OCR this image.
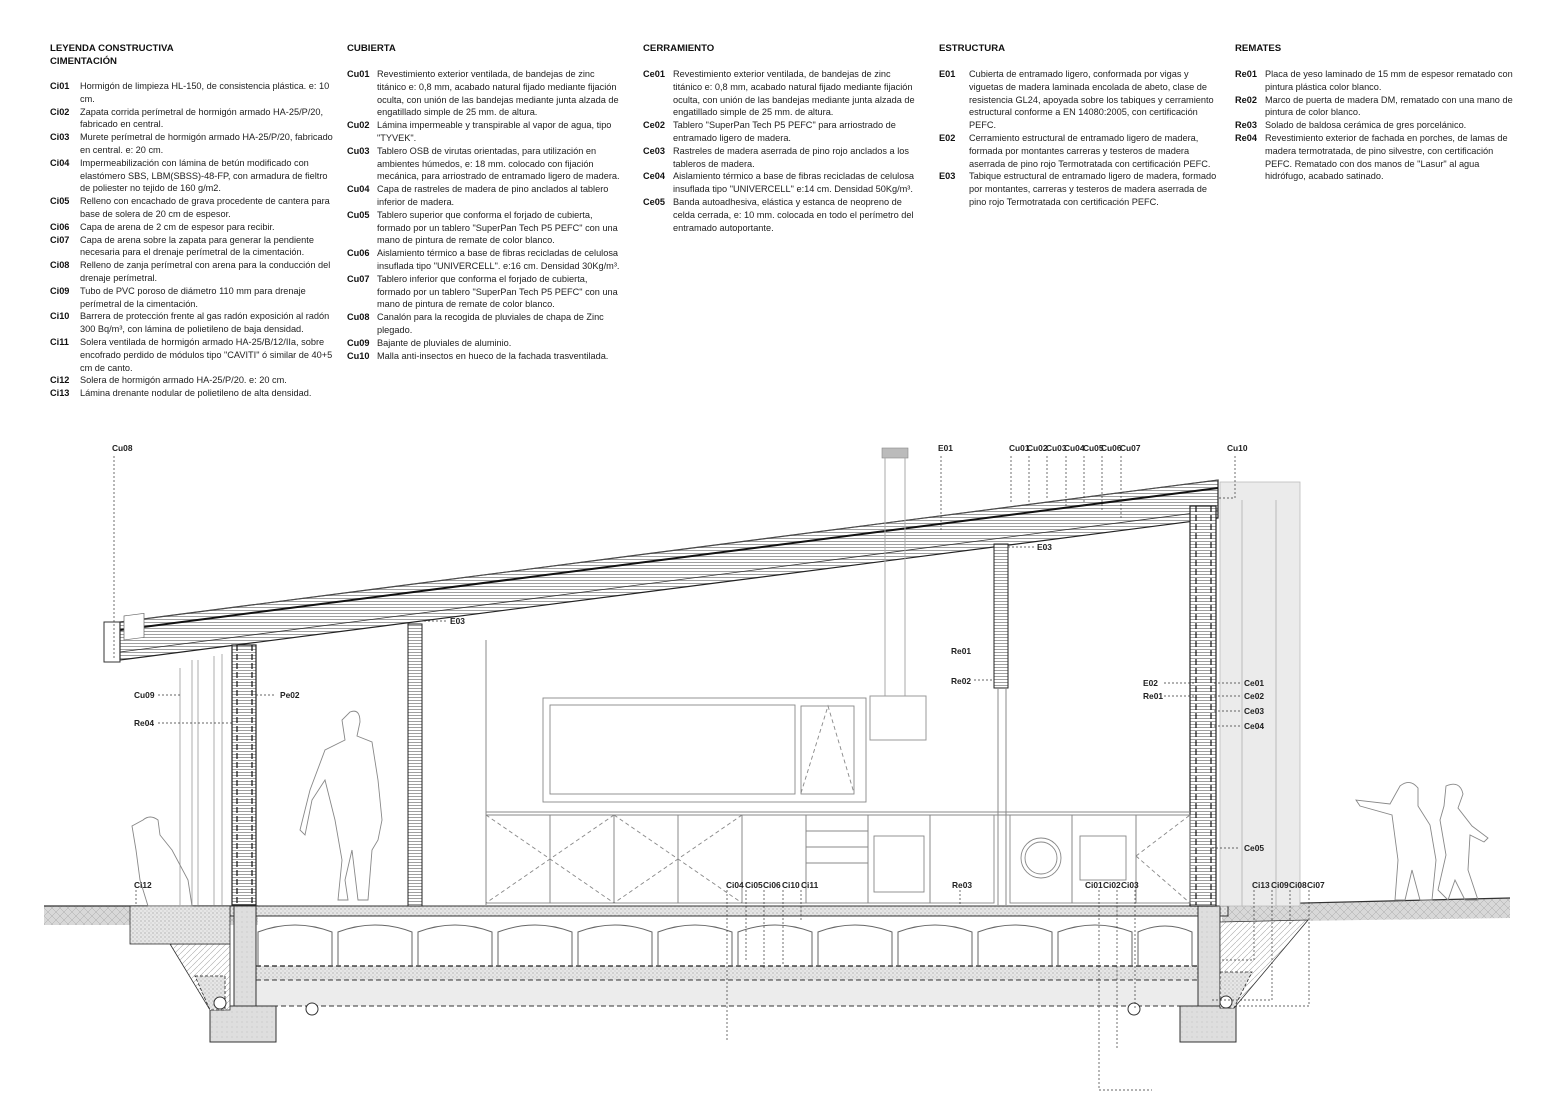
LEYENDA CONSTRUCTIVA
CIMENTACIÓN
Ci01	Hormigón de limpieza HL-150, de consistencia plástica. e: 10 cm.
Ci02	Zapata corrida perímetral de hormigón armado HA-25/P/20, fabricado en central.
Ci03	Murete perímetral de hormigón armado HA-25/P/20, fabricado en central. e: 20 cm.
Ci04	Impermeabilización con lámina de betún modificado con elastómero SBS, LBM(SBSS)-48-FP, con armadura de fieltro de poliester no tejido de 160 g/m2.
Ci05	Relleno con encachado de grava procedente de cantera para base de solera de 20 cm de espesor.
Ci06	Capa de arena de 2 cm de espesor para recibir.
Ci07	Capa de arena sobre la zapata para generar la pendiente necesaria para el drenaje perímetral de la cimentación.
Ci08	Relleno de zanja perímetral con arena para la conducción del drenaje perímetral.
Ci09	Tubo de PVC poroso de diámetro 110 mm para drenaje perímetral de la cimentación.
Ci10	Barrera de protección frente al gas radón exposición al radón 300 Bq/m³, con lámina de polietileno de baja densidad.
Ci11	Solera ventilada de hormigón armado HA-25/B/12/IIa, sobre encofrado perdido de módulos tipo "CAVITI" ó similar de 40+5 cm de canto.
Ci12	Solera de hormigón armado HA-25/P/20. e: 20 cm.
Ci13	Lámina drenante nodular de polietileno de alta densidad.
CUBIERTA
Cu01 Revestimiento exterior ventilada, de bandejas de zinc titánico e: 0,8 mm, acabado natural fijado mediante fijación oculta, con unión de las bandejas mediante junta alzada de engatillado simple de 25 mm. de altura.
Cu02 Lámina impermeable y transpirable al vapor de agua, tipo "TYVEK".
Cu03 Tablero OSB de virutas orientadas, para utilización en ambientes húmedos, e: 18 mm. colocado con fijación mecánica, para arriostrado de entramado ligero de madera.
Cu04 Capa de rastreles de madera de pino anclados al tablero inferior de madera.
Cu05 Tablero superior que conforma el forjado de cubierta, formado por un tablero "SuperPan Tech P5 PEFC" con una mano de pintura de remate de color blanco.
Cu06 Aislamiento térmico a base de fibras recicladas de celulosa insuflada tipo "UNIVERCELL". e:16 cm. Densidad 30Kg/m³.
Cu07 Tablero inferior que conforma el forjado de cubierta, formado por un tablero "SuperPan Tech P5 PEFC" con una mano de pintura de remate de color blanco.
Cu08 Canalón para la recogida de pluviales de chapa de Zinc plegado.
Cu09 Bajante de pluviales de aluminio.
Cu10 Malla anti-insectos en hueco de la fachada trasventilada.
CERRAMIENTO
Ce01 Revestimiento exterior ventilada, de bandejas de zinc titánico e: 0,8 mm, acabado natural fijado mediante fijación oculta, con unión de las bandejas mediante junta alzada de engatillado simple de 25 mm. de altura.
Ce02 Tablero "SuperPan Tech P5 PEFC" para arriostrado de entramado ligero de madera.
Ce03 Rastreles de madera aserrada de pino rojo anclados a los tableros de madera.
Ce04 Aislamiento térmico a base de fibras recicladas de celulosa insuflada tipo "UNIVERCELL" e:14 cm. Densidad 50Kg/m³.
Ce05 Banda autoadhesiva, elástica y estanca de neopreno de celda cerrada, e: 10 mm. colocada en todo el perímetro del entramado autoportante.
ESTRUCTURA
E01	Cubierta de entramado ligero, conformada por vigas y viguetas de madera laminada encolada de abeto, clase de resistencia GL24, apoyada sobre los tabiques y cerramiento estructural conforme a EN 14080:2005, con certificación PEFC.
E02	Cerramiento estructural de entramado ligero de madera, formada por montantes carreras y testeros de madera aserrada de pino rojo Termotratada con certificación PEFC.
E03	Tabique estructural de entramado ligero de madera, formado por montantes, carreras y testeros de madera aserrada de pino rojo Termotratada con certificación PEFC.
REMATES
Re01 Placa de yeso laminado de 15 mm de espesor rematado con pintura plástica color blanco.
Re02 Marco de puerta de madera DM, rematado con una mano de pintura de color blanco.
Re03 Solado de baldosa cerámica de gres porcelánico.
Re04 Revestimiento exterior de fachada en porches, de lamas de madera termotratada, de pino silvestre, con certificación PEFC. Rematado con dos manos de "Lasur" al agua hidrófugo, acabado satinado.
Cu08	E01	Cu01
Cu02
Cu03
Cu04
Cu05
Cu06
Cu07	Cu10
E03
E03
Cu09	Pe02
Re04
Re01
Re02	E02
Re01
Ce01
Ce02
Ce03
Ce04
Ce05
Ci12	Ci04 Ci05 Ci06 Ci10 Ci11	Re03	Ci01 Ci02 Ci03	Ci13 Ci09 Ci08 Ci07
